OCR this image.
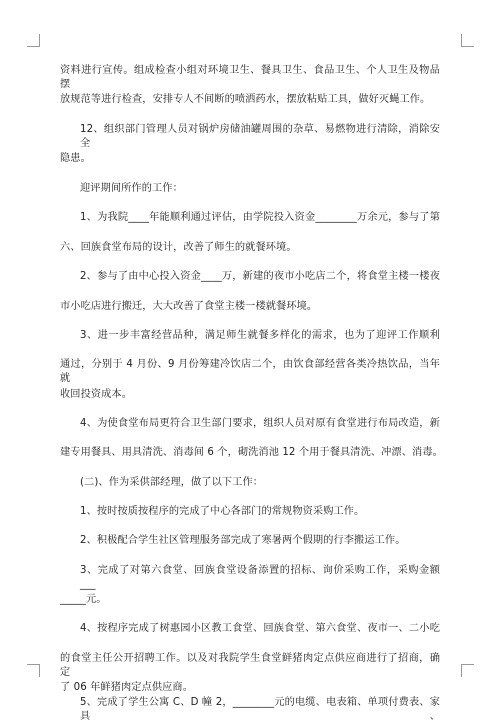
资料进行宣传。组成检查小组对环境卫生、餐具卫生、食品卫生、个人卫生及物品摆
放规范等进行检查，安排专人不间断的喷洒药水，摆放粘贴工具，做好灭蝇工作。
12、组织部门管理人员对锅炉房储油罐周围的杂草、易燃物进行清除，消除安全
隐患。
迎评期间所作的工作：
1、为我院____年能顺利通过评估，由学院投入资金________万余元，参与了第
六、回族食堂布局的设计，改善了师生的就餐环境。
2、参与了由中心投入资金____万，新建的夜市小吃店二个，将食堂主楼一楼夜
市小吃店进行搬迁，大大改善了食堂主楼一楼就餐环境。
3、进一步丰富经营品种，满足师生就餐多样化的需求，也为了迎评工作顺利
通过，分别于 4 月份、9 月份筹建冷饮店二个，由饮食部经营各类冷热饮品，当年就
收回投资成本。
4、为使食堂布局更符合卫生部门要求，组织人员对原有食堂进行布局改造，新
建专用餐具、用具清洗、消毒间 6 个，砌洗消池 12 个用于餐具清洗、冲漂、消毒。
(二)、作为采供部经理，做了以下工作：
1、按时按质按程序的完成了中心各部门的常规物资采购工作。
2、积极配合学生社区管理服务部完成了寒暑两个假期的行李搬运工作。
3、完成了对第六食堂、回族食堂设备添置的招标、询价采购工作，采购金额___
_____元。
4、按程序完成了树惠园小区教工食堂、回族食堂、第六食堂、夜市一、二小吃
的食堂主任公开招聘工作。以及对我院学生食堂鲜猪肉定点供应商进行了招商，确定
了 06 年鲜猪肉定点供应商。
5、完成了学生公寓 C、D 幢 2，________元的电缆、电表箱、单项付费表、家具、
